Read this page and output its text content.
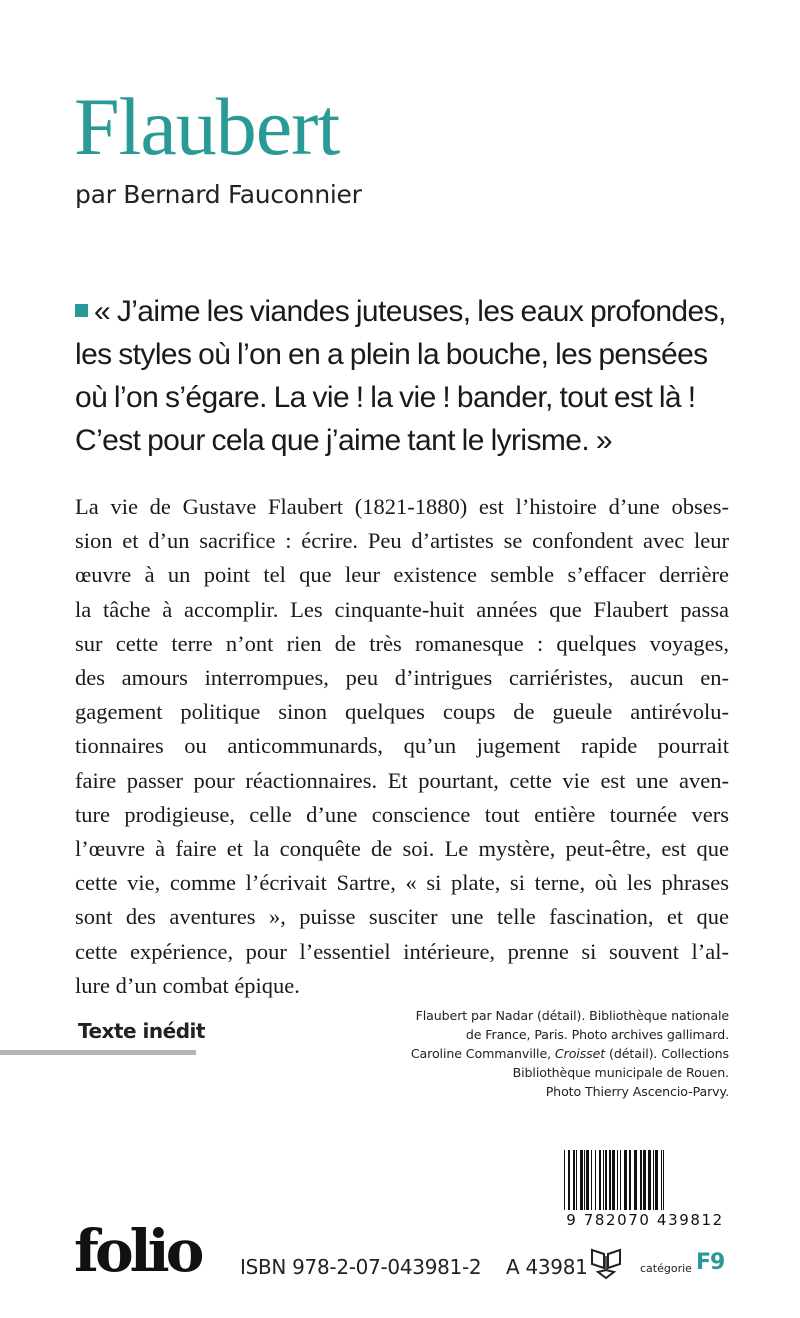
Flaubert
par Bernard Fauconnier
« J’aime les viandes juteuses, les eaux profondes, les styles où l’on en a plein la bouche, les pensées où l’on s’égare. La vie ! la vie ! bander, tout est là ! C’est pour cela que j’aime tant le lyrisme. »
La vie de Gustave Flaubert (1821-1880) est l’histoire d’une obses-
sion et d’un sacrifice : écrire. Peu d’artistes se confondent avec leur
œuvre à un point tel que leur existence semble s’effacer derrière
la tâche à accomplir. Les cinquante-huit années que Flaubert passa
sur cette terre n’ont rien de très romanesque : quelques voyages,
des amours interrompues, peu d’intrigues carriéristes, aucun en-
gagement politique sinon quelques coups de gueule antirévolu-
tionnaires ou anticommunards, qu’un jugement rapide pourrait
faire passer pour réactionnaires. Et pourtant, cette vie est une aven-
ture prodigieuse, celle d’une conscience tout entière tournée vers
l’œuvre à faire et la conquête de soi. Le mystère, peut-être, est que
cette vie, comme l’écrivait Sartre, « si plate, si terne, où les phrases
sont des aventures », puisse susciter une telle fascination, et que
cette expérience, pour l’essentiel intérieure, prenne si souvent l’al-
lure d’un combat épique.
Texte inédit
Flaubert par Nadar (détail). Bibliothèque nationale
de France, Paris. Photo archives gallimard.
Caroline Commanville, Croisset (détail). Collections
Bibliothèque municipale de Rouen.
Photo Thierry Ascencio-Parvy.
9 782070 439812
folio ISBN 978-2-07-043981-2 A 43981	catégorie F9
